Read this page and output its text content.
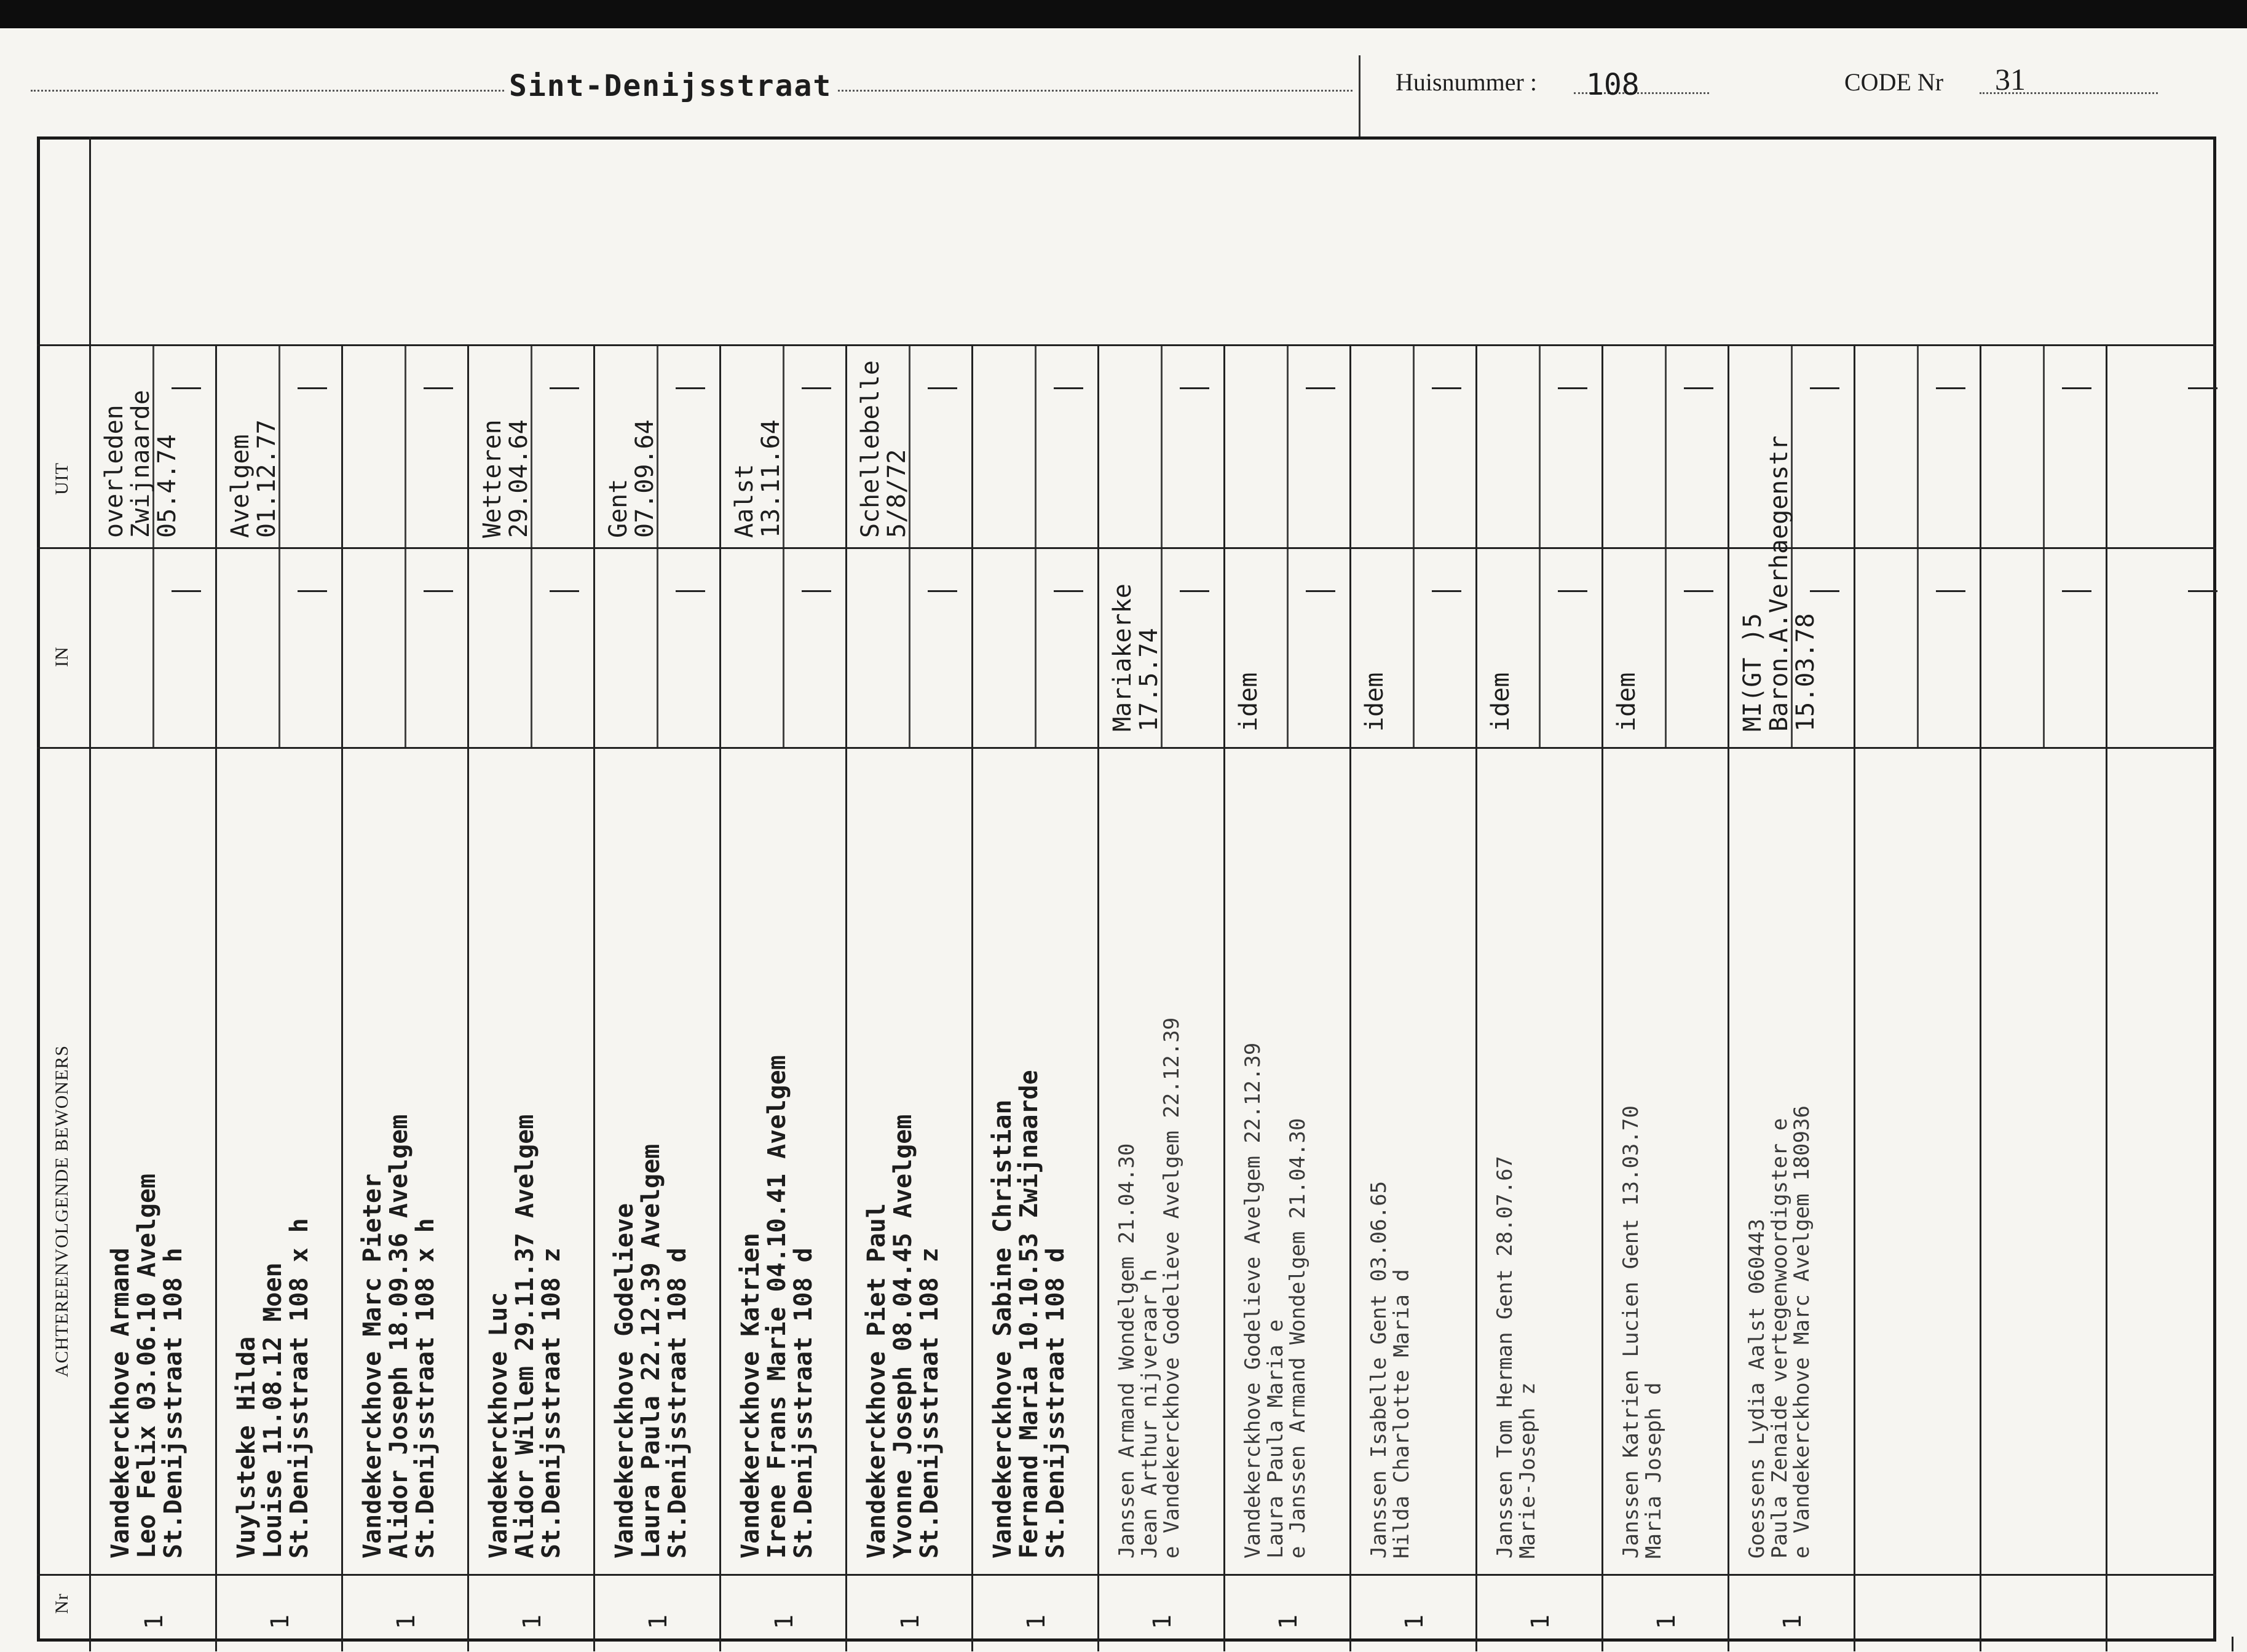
Sint-Denijsstraat	Huisnummer : 108	CODE Nr 31
UIT
IN
ACHTEREENVOLGENDE BEWONERS
Nr
Vandekerckhove Armand
Leo Felix 03.06.10 Avelgem
St.Denijsstraat 108 h
1
overleden
Zwijnaarde
05.4.74
Vuylsteke Hilda
Louise 11.08.12 Moen
St.Denijsstraat 108 x h
1
Avelgem
01.12.77
Vandekerckhove Marc Pieter
Alidor Joseph 18.09.36 Avelgem
St.Denijsstraat 108 x h
1
Vandekerckhove Luc
Alidor Willem 29.11.37 Avelgem
St.Denijsstraat 108 z
1
Wetteren
29.04.64
Vandekerckhove Godelieve
Laura Paula 22.12.39 Avelgem
St.Denijsstraat 108 d
1
Gent
07.09.64
Vandekerckhove Katrien
Irene Frans Marie 04.10.41 Avelgem
St.Denijsstraat 108 d
1
Aalst
13.11.64
Vandekerckhove Piet Paul
Yvonne Joseph 08.04.45 Avelgem
St.Denijsstraat 108 z
1
Schellebelle
5/8/72
Vandekerckhove Sabine Christian
Fernand Maria 10.10.53 Zwijnaarde
St.Denijsstraat 108 d
1
Janssen Armand Wondelgem 21.04.30
Jean Arthur nijveraar h
e Vandekerckhove Godelieve Avelgem 22.12.39
1
Mariakerke
17.5.74
Vandekerckhove Godelieve Avelgem 22.12.39
Laura Paula Maria e
e Janssen Armand Wondelgem 21.04.30
1
idem
Janssen Isabelle Gent 03.06.65
Hilda Charlotte Maria d
1
idem
Janssen Tom Herman Gent 28.07.67
Marie-Joseph z
1
idem
Janssen Katrien Lucien Gent 13.03.70
Maria Joseph d
1
idem
Goessens Lydia Aalst 060443
Paula Zenaide vertegenwoordigster e
e Vandekerckhove Marc Avelgem 180936
1
MI(GT )5
Baron.A.Verhaegenstr
15.03.78
